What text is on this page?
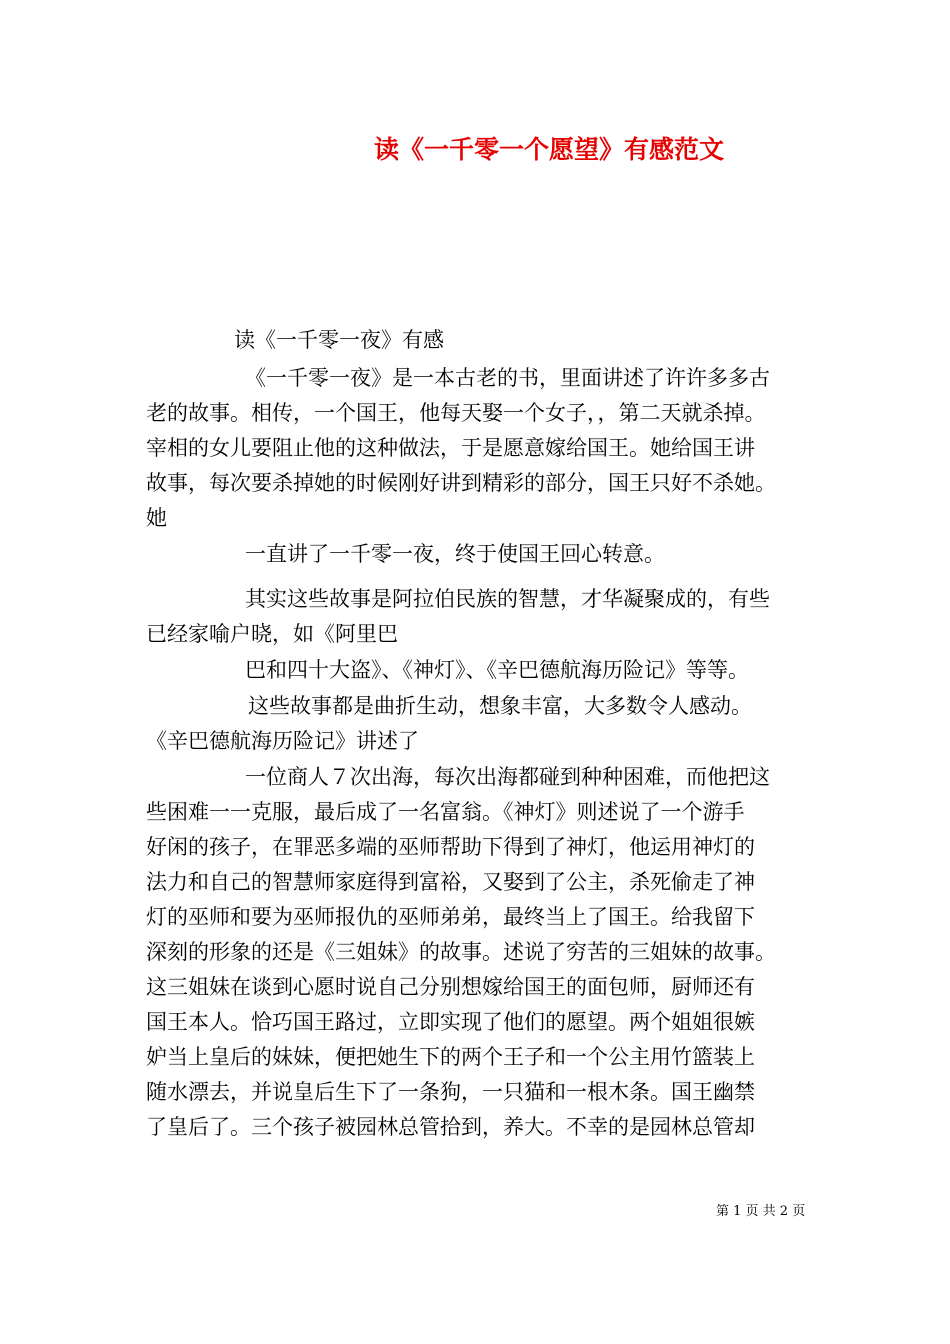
读《一千零一个愿望》有感范文

读《一千零一夜》有感

《一千零一夜》是一本古老的书，里面讲述了许许多多古

老的故事。相传，一个国王，他每天娶一个女子，，第二天就杀掉。

宰相的女儿要阻止他的这种做法，于是愿意嫁给国王。她给国王讲

故事，每次要杀掉她的时候刚好讲到精彩的部分，国王只好不杀她。

她

一直讲了一千零一夜，终于使国王回心转意。

其实这些故事是阿拉伯民族的智慧，才华凝聚成的，有些

已经家喻户晓，如《阿里巴

巴和四十大盗》、《神灯》、《辛巴德航海历险记》等等。

这些故事都是曲折生动，想象丰富，大多数令人感动。

《辛巴德航海历险记》讲述了

一位商人７次出海，每次出海都碰到种种困难，而他把这

些困难一一克服，最后成了一名富翁。《神灯》则述说了一个游手

好闲的孩子，在罪恶多端的巫师帮助下得到了神灯，他运用神灯的

法力和自己的智慧师家庭得到富裕，又娶到了公主，杀死偷走了神

灯的巫师和要为巫师报仇的巫师弟弟，最终当上了国王。给我留下

深刻的形象的还是《三姐妹》的故事。述说了穷苦的三姐妹的故事。

这三姐妹在谈到心愿时说自己分别想嫁给国王的面包师，厨师还有

国王本人。恰巧国王路过，立即实现了他们的愿望。两个姐姐很嫉

妒当上皇后的妹妹，便把她生下的两个王子和一个公主用竹篮装上

随水漂去，并说皇后生下了一条狗，一只猫和一根木条。国王幽禁

了皇后了。三个孩子被园林总管拾到，养大。不幸的是园林总管却

第 1 页 共 2 页
